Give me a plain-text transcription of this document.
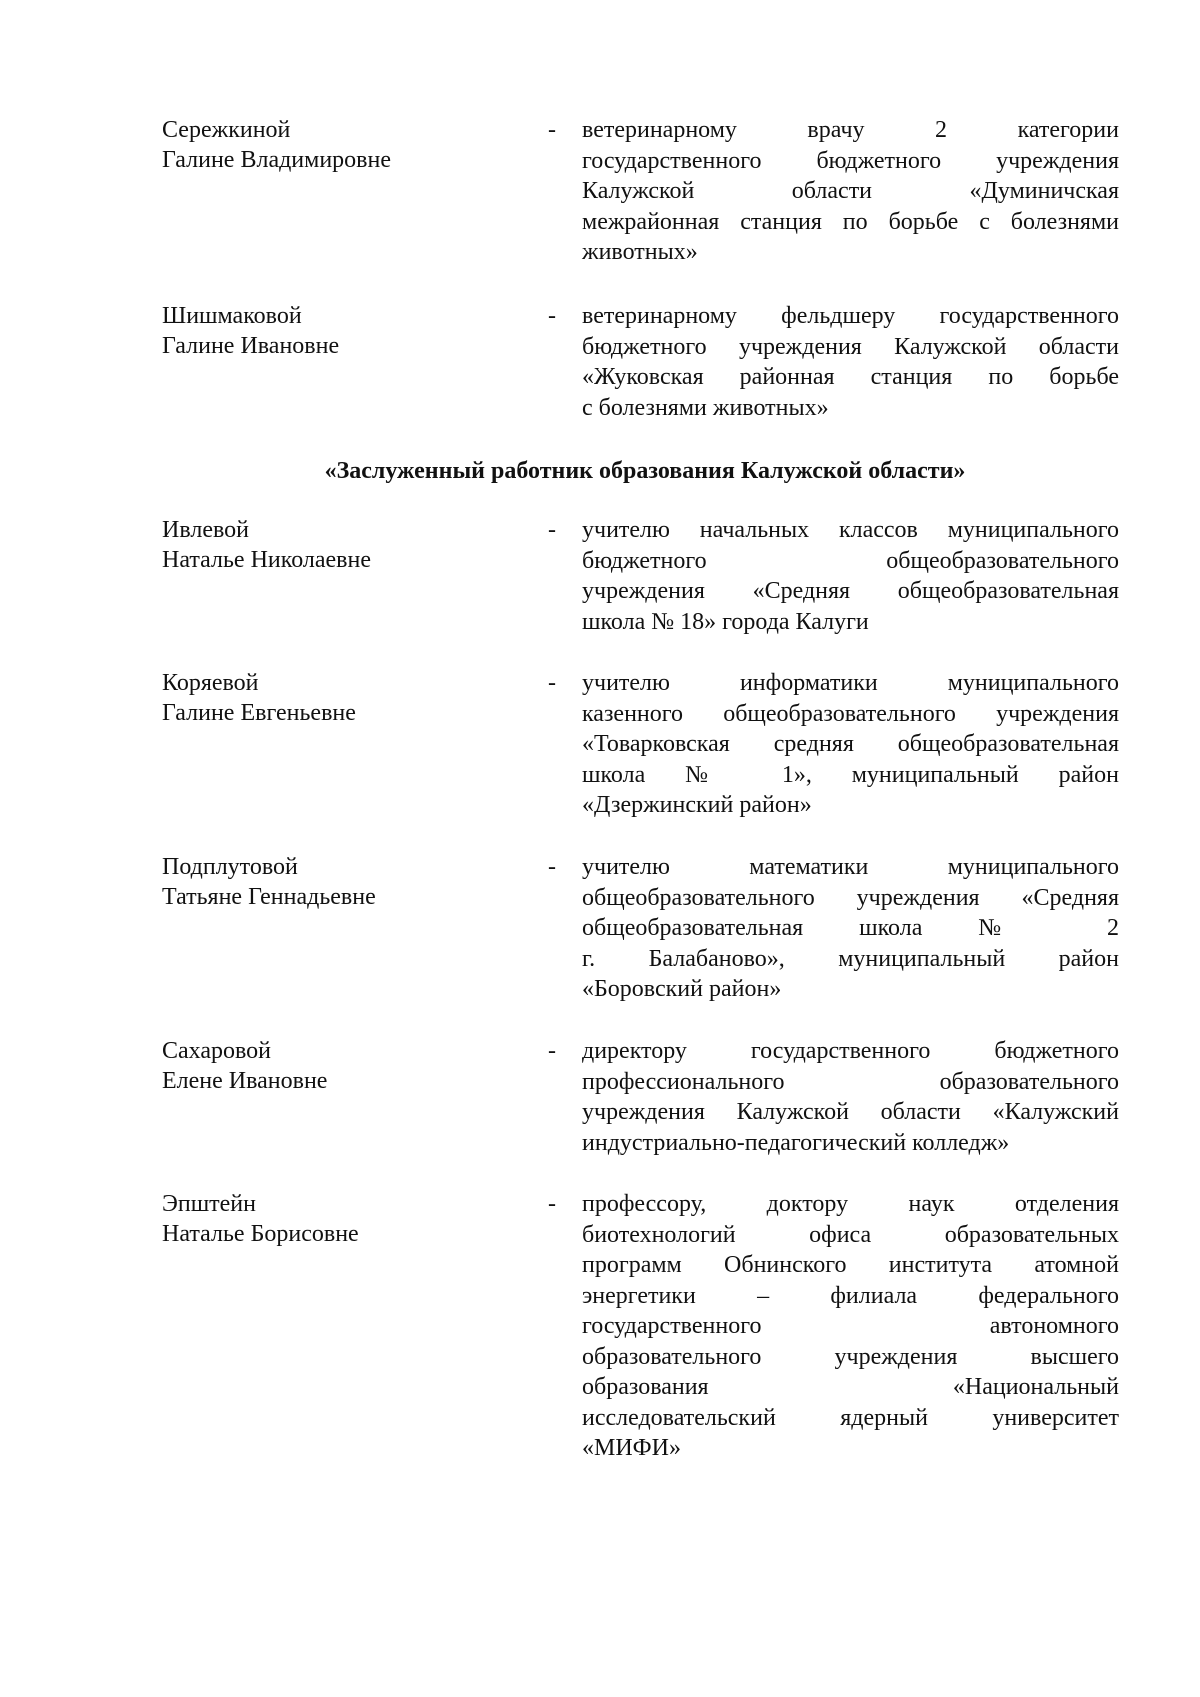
Сережкиной
Галине Владимировне
- ветеринарному врачу 2 категории
государственного бюджетного учреждения
Калужской области «Думиничская
межрайонная станция по борьбе с болезнями
животных»
Шишмаковой
Галине Ивановне
- ветеринарному фельдшеру государственного
бюджетного учреждения Калужской области
«Жуковская районная станция по борьбе
с болезнями животных»
«Заслуженный работник образования Калужской области»
Ивлевой
Наталье Николаевне
- учителю начальных классов муниципального
бюджетного общеобразовательного
учреждения «Средняя общеобразовательная
школа № 18» города Калуги
Коряевой
Галине Евгеньевне
- учителю информатики муниципального
казенного общеобразовательного учреждения
«Товарковская средняя общеобразовательная
школа № 1», муниципальный район
«Дзержинский район»
Подплутовой
Татьяне Геннадьевне
- учителю математики муниципального
общеобразовательного учреждения «Средняя
общеобразовательная школа № 2
г. Балабаново», муниципальный район
«Боровский район»
Сахаровой
Елене Ивановне
- директору государственного бюджетного
профессионального образовательного
учреждения Калужской области «Калужский
индустриально-педагогический колледж»
Эпштейн
Наталье Борисовне
- профессору, доктору наук отделения
биотехнологий офиса образовательных
программ Обнинского института атомной
энергетики – филиала федерального
государственного автономного
образовательного учреждения высшего
образования «Национальный
исследовательский ядерный университет
«МИФИ»
